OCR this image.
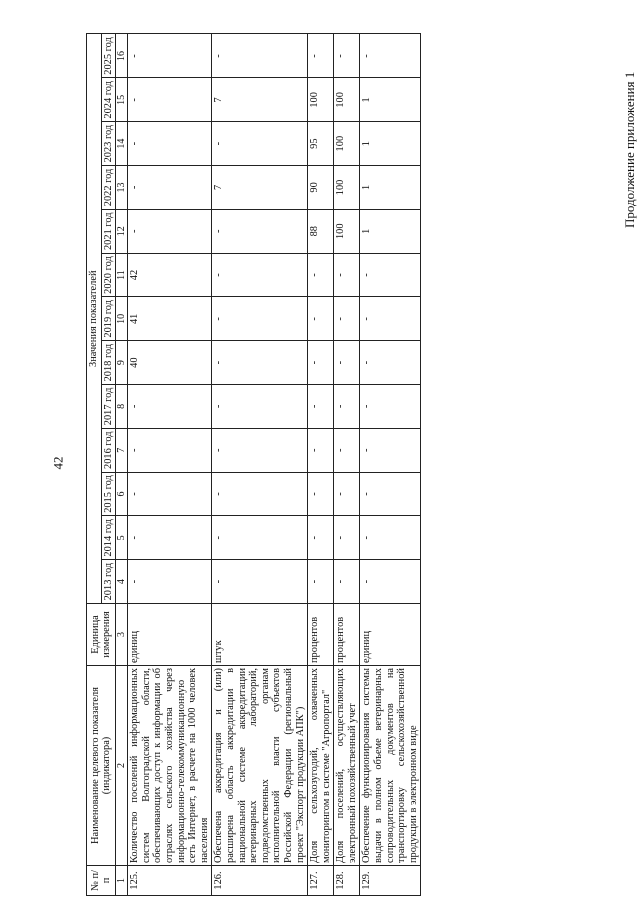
42
Продолжение приложения 1
№ п/п	Наименование целевого показателя (индикатора)	Единица измерения	Значения показателей												
			2013 год	2014 год	2015 год	2016 год	2017 год	2018 год	2019 год	2020 год	2021 год	2022 год	2023 год	2024 год	2025 год
1	2	3	4	5	6	7	8	9	10	11	12	13	14	15	16
125.	Количество поселений информационных систем Волгоградской области, обеспечивающих доступ к информации об отраслях сельского хозяйства через информационно-телекоммуникационную сеть Интернет, в расчете на 1000 человек населения	единиц	-	-	-	-	-	40	41	42	-	-	-	-	-
126.	Обеспечена аккредитация и (или) расширена область аккредитации в национальной системе аккредитации ветеринарных лабораторий, подведомственных органам исполнительной власти субъектов Российской Федерации (региональный проект "Экспорт продукции АПК")	штук	-	-	-	-	-	-	-	-	-	7	-	7	-
127.	Доля сельхозугодий, охваченных мониторингом в системе "Агропортал"	процентов	-	-	-	-	-	-	-	-	88	90	95	100	-
128.	Доля поселений, осуществляющих электронный похозяйственный учет	процентов	-	-	-	-	-	-	-	-	100	100	100	100	-
129.	Обеспечение функционирования системы выдачи в полном объеме ветеринарных сопроводительных документов на транспортировку сельскохозяйственной продукции в электронном виде	единиц	-	-	-	-	-	-	-	-	1	1	1	1	-
